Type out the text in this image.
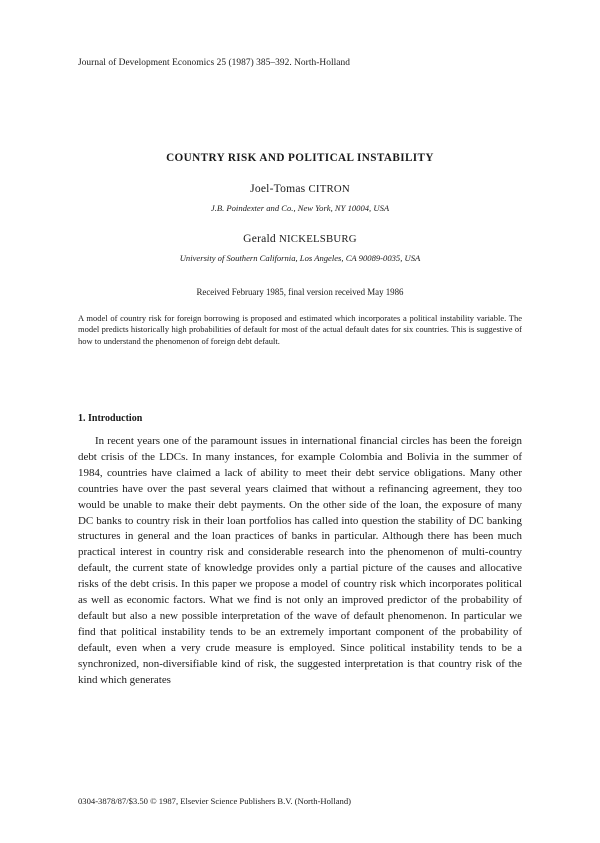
Journal of Development Economics 25 (1987) 385–392. North-Holland
COUNTRY RISK AND POLITICAL INSTABILITY
Joel-Tomas CITRON
J.B. Poindexter and Co., New York, NY 10004, USA
Gerald NICKELSBURG
University of Southern California, Los Angeles, CA 90089-0035, USA
Received February 1985, final version received May 1986
A model of country risk for foreign borrowing is proposed and estimated which incorporates a political instability variable. The model predicts historically high probabilities of default for most of the actual default dates for six countries. This is suggestive of how to understand the phenomenon of foreign debt default.
1. Introduction

In recent years one of the paramount issues in international financial circles has been the foreign debt crisis of the LDCs. In many instances, for example Colombia and Bolivia in the summer of 1984, countries have claimed a lack of ability to meet their debt service obligations. Many other countries have over the past several years claimed that without a refinancing agreement, they too would be unable to make their debt payments. On the other side of the loan, the exposure of many DC banks to country risk in their loan portfolios has called into question the stability of DC banking structures in general and the loan practices of banks in particular. Although there has been much practical interest in country risk and considerable research into the phenomenon of multi-country default, the current state of knowledge provides only a partial picture of the causes and allocative risks of the debt crisis. In this paper we propose a model of country risk which incorporates political as well as economic factors. What we find is not only an improved predictor of the probability of default but also a new possible interpretation of the wave of default phenomenon. In particular we find that political instability tends to be an extremely important component of the probability of default, even when a very crude measure is employed. Since political instability tends to be a synchronized, non-diversifiable kind of risk, the suggested interpretation is that country risk of the kind which generates

0304-3878/87/$3.50 © 1987, Elsevier Science Publishers B.V. (North-Holland)
